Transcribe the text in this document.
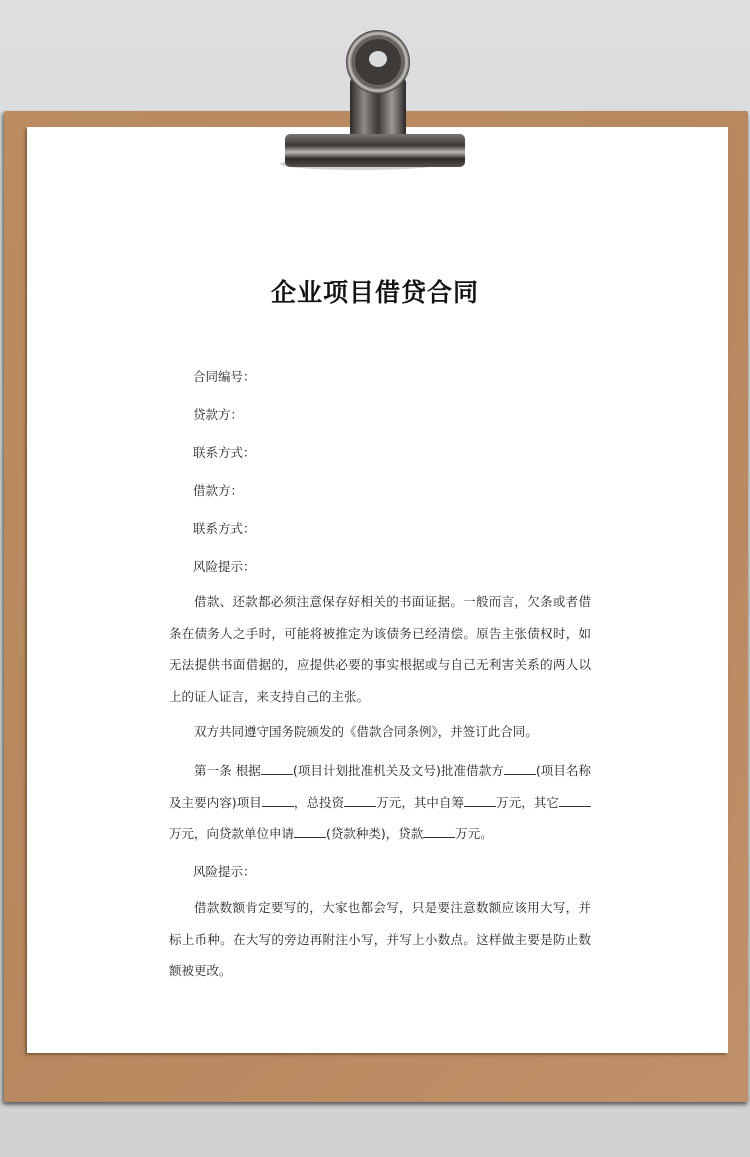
企业项目借贷合同
合同编号：
贷款方：
联系方式：
借款方：
联系方式：
风险提示：
借款、还款都必须注意保存好相关的书面证据。一般而言，欠条或者借条在债务人之手时，可能将被推定为该债务已经清偿。原告主张债权时，如无法提供书面借据的，应提供必要的事实根据或与自己无利害关系的两人以上的证人证言，来支持自己的主张。
双方共同遵守国务院颁发的《借款合同条例》，并签订此合同。
第一条 根据	(项目计划批准机关及文号)批准借款方	(项目名称及主要内容)项目	，总投资	万元，其中自筹	万元，其它万元，向贷款单位申请	(贷款种类)，贷款	万元。
风险提示：
借款数额肯定要写的，大家也都会写，只是要注意数额应该用大写，并标上币种。在大写的旁边再附注小写，并写上小数点。这样做主要是防止数额被更改。
